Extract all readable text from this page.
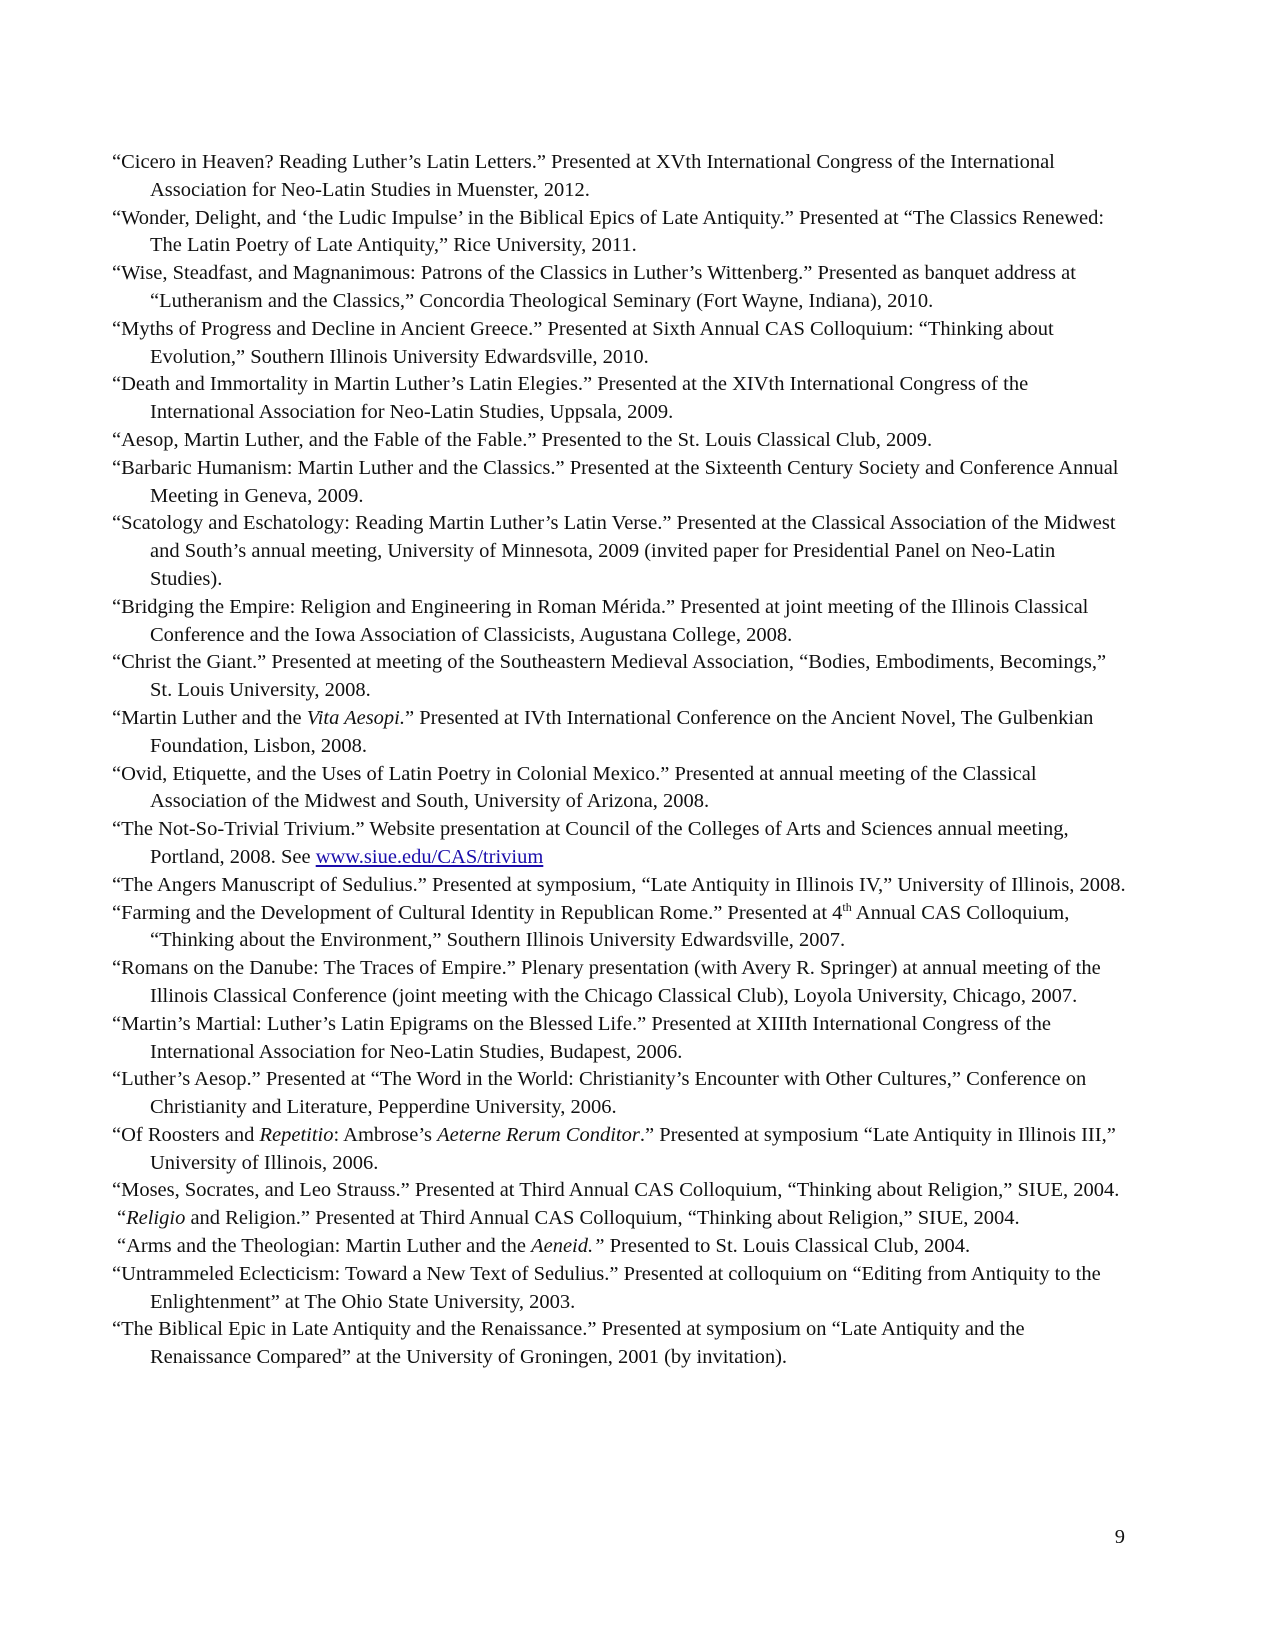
“Cicero in Heaven? Reading Luther’s Latin Letters.” Presented at XVth International Congress of the International Association for Neo-Latin Studies in Muenster, 2012.
“Wonder, Delight, and ‘the Ludic Impulse’ in the Biblical Epics of Late Antiquity.” Presented at “The Classics Renewed: The Latin Poetry of Late Antiquity,” Rice University, 2011.
“Wise, Steadfast, and Magnanimous: Patrons of the Classics in Luther’s Wittenberg.” Presented as banquet address at “Lutheranism and the Classics,” Concordia Theological Seminary (Fort Wayne, Indiana), 2010.
“Myths of Progress and Decline in Ancient Greece.” Presented at Sixth Annual CAS Colloquium: “Thinking about Evolution,” Southern Illinois University Edwardsville, 2010.
“Death and Immortality in Martin Luther’s Latin Elegies.” Presented at the XIVth International Congress of the International Association for Neo-Latin Studies, Uppsala, 2009.
“Aesop, Martin Luther, and the Fable of the Fable.” Presented to the St. Louis Classical Club, 2009.
“Barbaric Humanism: Martin Luther and the Classics.” Presented at the Sixteenth Century Society and Conference Annual Meeting in Geneva, 2009.
“Scatology and Eschatology: Reading Martin Luther’s Latin Verse.” Presented at the Classical Association of the Midwest and South’s annual meeting, University of Minnesota, 2009 (invited paper for Presidential Panel on Neo-Latin Studies).
“Bridging the Empire: Religion and Engineering in Roman Mérida.” Presented at joint meeting of the Illinois Classical Conference and the Iowa Association of Classicists, Augustana College, 2008.
“Christ the Giant.” Presented at meeting of the Southeastern Medieval Association, “Bodies, Embodiments, Becomings,” St. Louis University, 2008.
“Martin Luther and the Vita Aesopi.” Presented at IVth International Conference on the Ancient Novel, The Gulbenkian Foundation, Lisbon, 2008.
“Ovid, Etiquette, and the Uses of Latin Poetry in Colonial Mexico.” Presented at annual meeting of the Classical Association of the Midwest and South, University of Arizona, 2008.
“The Not-So-Trivial Trivium.” Website presentation at Council of the Colleges of Arts and Sciences annual meeting, Portland, 2008. See www.siue.edu/CAS/trivium
“The Angers Manuscript of Sedulius.” Presented at symposium, “Late Antiquity in Illinois IV,” University of Illinois, 2008.
“Farming and the Development of Cultural Identity in Republican Rome.” Presented at 4th Annual CAS Colloquium, “Thinking about the Environment,” Southern Illinois University Edwardsville, 2007.
“Romans on the Danube: The Traces of Empire.” Plenary presentation (with Avery R. Springer) at annual meeting of the Illinois Classical Conference (joint meeting with the Chicago Classical Club), Loyola University, Chicago, 2007.
“Martin’s Martial: Luther’s Latin Epigrams on the Blessed Life.” Presented at XIIIth International Congress of the International Association for Neo-Latin Studies, Budapest, 2006.
“Luther’s Aesop.” Presented at “The Word in the World: Christianity’s Encounter with Other Cultures,” Conference on Christianity and Literature, Pepperdine University, 2006.
“Of Roosters and Repetitio: Ambrose’s Aeterne Rerum Conditor.” Presented at symposium “Late Antiquity in Illinois III,” University of Illinois, 2006.
“Moses, Socrates, and Leo Strauss.” Presented at Third Annual CAS Colloquium, “Thinking about Religion,” SIUE, 2004.
“Religio and Religion.” Presented at Third Annual CAS Colloquium, “Thinking about Religion,” SIUE, 2004.
“Arms and the Theologian: Martin Luther and the Aeneid.” Presented to St. Louis Classical Club, 2004.
“Untrammeled Eclecticism: Toward a New Text of Sedulius.” Presented at colloquium on “Editing from Antiquity to the Enlightenment” at The Ohio State University, 2003.
“The Biblical Epic in Late Antiquity and the Renaissance.” Presented at symposium on “Late Antiquity and the Renaissance Compared” at the University of Groningen, 2001 (by invitation).
9
